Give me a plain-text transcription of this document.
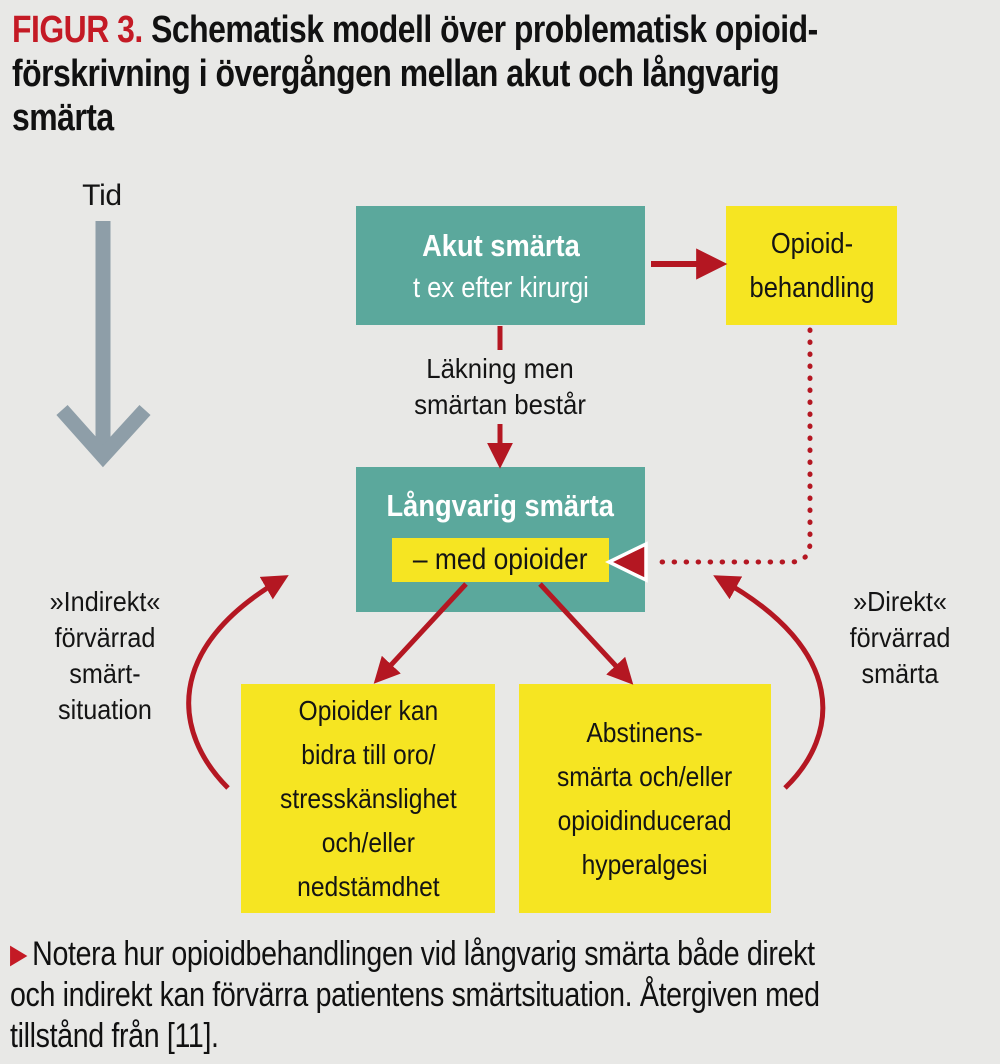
FIGUR 3. Schematisk modell över problematisk opioid-
förskrivning i övergången mellan akut och långvarig
smärta
Tid
Akut smärta
t ex efter kirurgi
Opioid-
behandling
Läkning men
smärtan består
Långvarig smärta
– med opioider
»Indirekt«
förvärrad
smärt-
situation
»Direkt«
förvärrad
smärta
Opioider kan
bidra till oro/
stresskänslighet
och/eller
nedstämdhet
Abstinens-
smärta och/eller
opioidinducerad
hyperalgesi
▶ Notera hur opioidbehandlingen vid långvarig smärta både direkt
och indirekt kan förvärra patientens smärtsituation. Återgiven med
tillstånd från [11].
